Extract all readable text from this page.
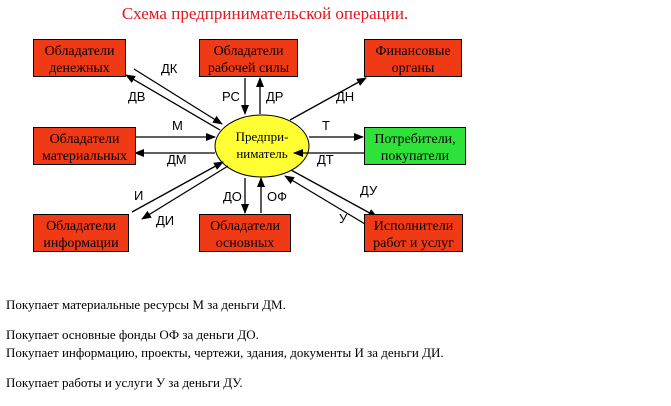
Схема предпринимательской операции.
Предпри-
ниматель
Обладатели
денежных
Обладатели
рабочей силы
Финансовые
органы
Обладатели
материальных
Потребители,
покупатели
Обладатели
информации
Обладатели
основных
Исполнители
работ и услуг
ДК
ДВ	РС ДР	ДН
М
ДМ
Т
ДТ
И
ДИ
ДО ОФ	ДУ
У
Покупает материальные ресурсы М за деньги ДМ.
Покупает основные фонды ОФ за деньги ДО.
Покупает информацию, проекты, чертежи, здания, документы И за деньги ДИ.
Покупает работы и услуги У за деньги ДУ.
